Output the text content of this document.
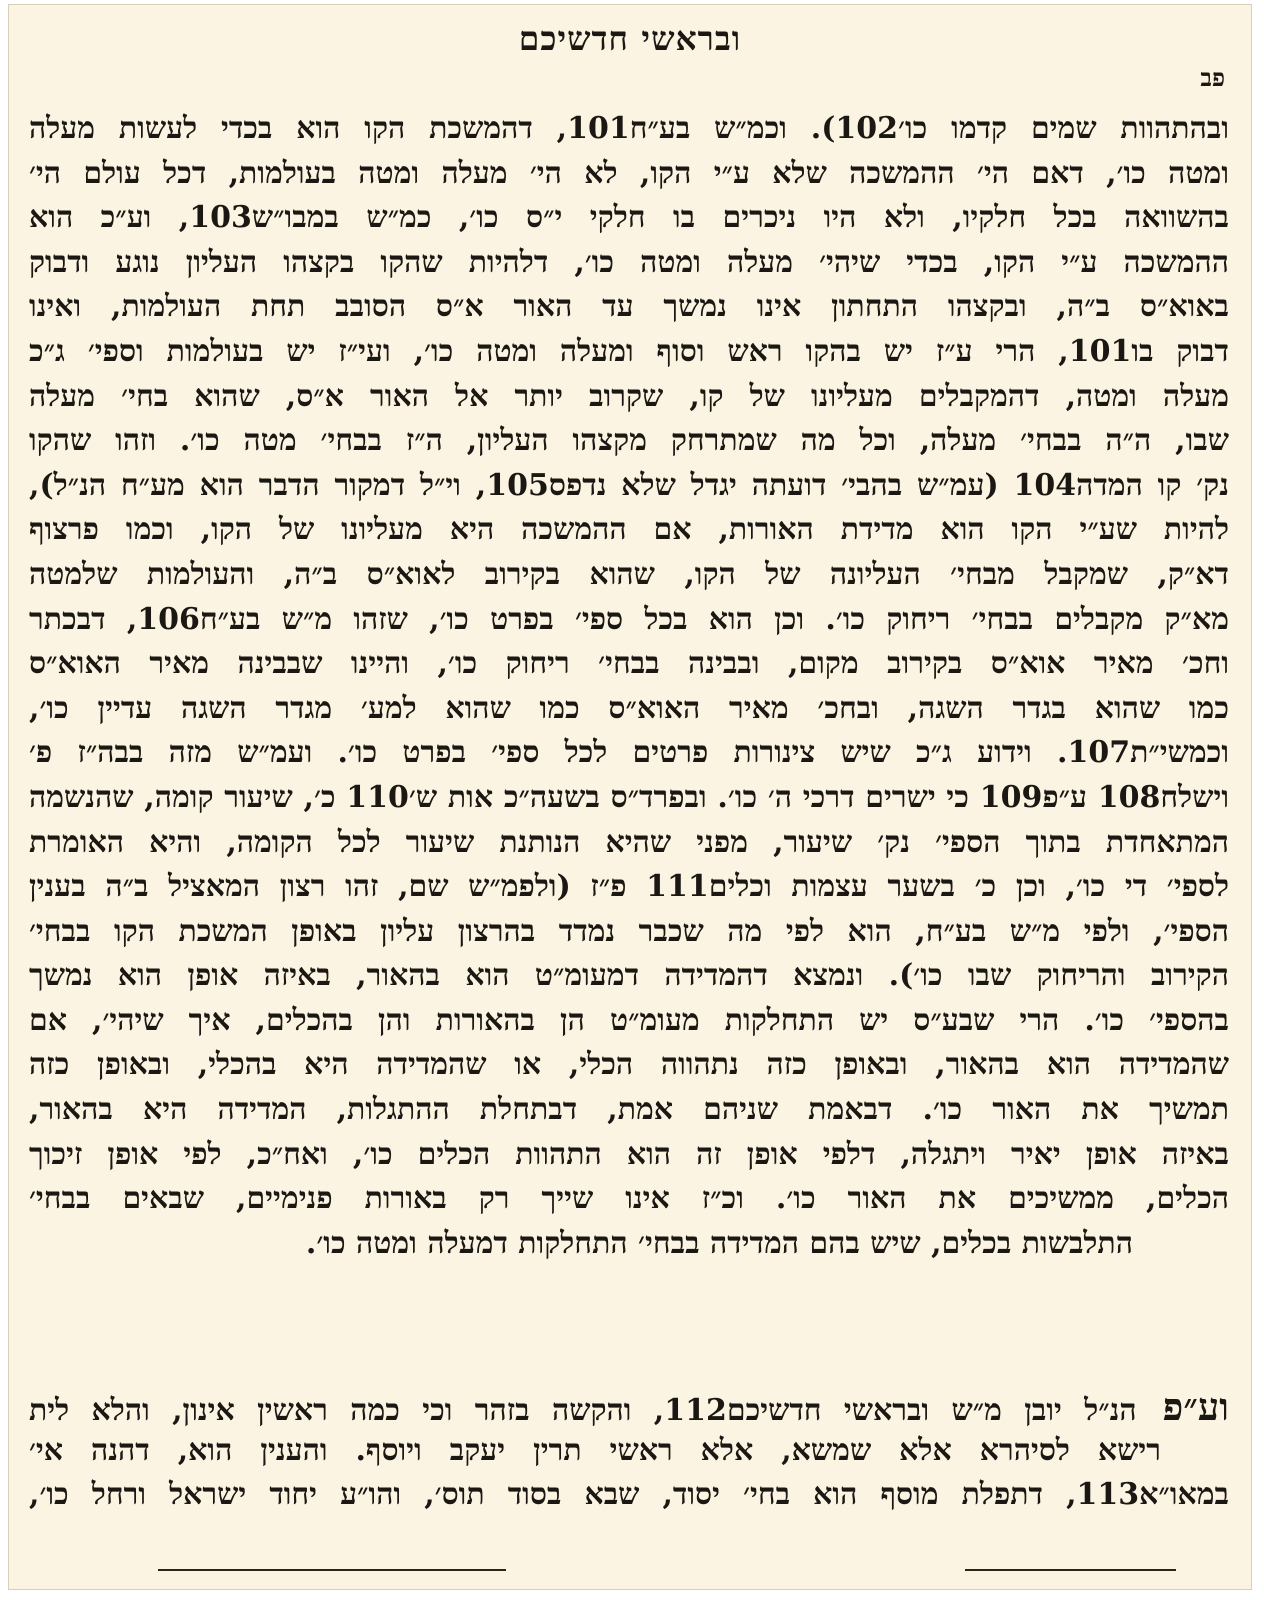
ובראשי חדשיכם
פב
ובהתהוות שמים קדמו כו׳102). וכמ״ש בע״ח101, דהמשכת הקו הוא בכדי לעשות מעלה
ומטה כו׳, דאם הי׳ ההמשכה שלא ע״י הקו, לא הי׳ מעלה ומטה בעולמות, דכל עולם הי׳
בהשוואה בכל חלקיו, ולא היו ניכרים בו חלקי י״ס כו׳, כמ״ש במבו״ש103, וע״כ הוא
ההמשכה ע״י הקו, בכדי שיהי׳ מעלה ומטה כו׳, דלהיות שהקו בקצהו העליון נוגע ודבוק
באוא״ס ב״ה, ובקצהו התחתון אינו נמשך עד האור א״ס הסובב תחת העולמות, ואינו
דבוק בו101, הרי ע״ז יש בהקו ראש וסוף ומעלה ומטה כו׳, ועי״ז יש בעולמות וספי׳ ג״כ
מעלה ומטה, דהמקבלים מעליונו של קו, שקרוב יותר אל האור א״ס, שהוא בחי׳ מעלה
שבו, ה״ה בבחי׳ מעלה, וכל מה שמתרחק מקצהו העליון, ה״ז בבחי׳ מטה כו׳. וזהו שהקו
נק׳ קו המדה104 (עמ״ש בהבי׳ דועתה יגדל שלא נדפס105, וי״ל דמקור הדבר הוא מע״ח הנ״ל),
להיות שע״י הקו הוא מדידת האורות, אם ההמשכה היא מעליונו של הקו, וכמו פרצוף
דא״ק, שמקבל מבחי׳ העליונה של הקו, שהוא בקירוב לאוא״ס ב״ה, והעולמות שלמטה
מא״ק מקבלים בבחי׳ ריחוק כו׳. וכן הוא בכל ספי׳ בפרט כו׳, שזהו מ״ש בע״ח106, דבכתר
וחכ׳ מאיר אוא״ס בקירוב מקום, ובבינה בבחי׳ ריחוק כו׳, והיינו שבבינה מאיר האוא״ס
כמו שהוא בגדר השגה, ובחכ׳ מאיר האוא״ס כמו שהוא למע׳ מגדר השגה עדיין כו׳,
וכמשי״ת107. וידוע ג״כ שיש צינורות פרטים לכל ספי׳ בפרט כו׳. ועמ״ש מזה בבה״ז פ׳
וישלח108 ע״פ109 כי ישרים דרכי ה׳ כו׳. ובפרד״ס בשעה״כ אות ש׳110 כ׳, שיעור קומה, שהנשמה
המתאחדת בתוך הספי׳ נק׳ שיעור, מפני שהיא הנותנת שיעור לכל הקומה, והיא האומרת
לספי׳ די כו׳, וכן כ׳ בשער עצמות וכלים111 פ״ז (ולפמ״ש שם, זהו רצון המאציל ב״ה בענין
הספי׳, ולפי מ״ש בע״ח, הוא לפי מה שכבר נמדד בהרצון עליון באופן המשכת הקו בבחי׳
הקירוב והריחוק שבו כו׳). ונמצא דהמדידה דמעומ״ט הוא בהאור, באיזה אופן הוא נמשך
בהספי׳ כו׳. הרי שבע״ס יש התחלקות מעומ״ט הן בהאורות והן בהכלים, איך שיהי׳, אם
שהמדידה הוא בהאור, ובאופן כזה נתהווה הכלי, או שהמדידה היא בהכלי, ובאופן כזה
תמשיך את האור כו׳. דבאמת שניהם אמת, דבתחלת ההתגלות, המדידה היא בהאור,
באיזה אופן יאיר ויתגלה, דלפי אופן זה הוא התהוות הכלים כו׳, ואח״כ, לפי אופן זיכוך
הכלים, ממשיכים את האור כו׳. וכ״ז אינו שייך רק באורות פנימיים, שבאים בבחי׳
התלבשות בכלים, שיש בהם המדידה בבחי׳ התחלקות דמעלה ומטה כו׳.
וע״פהנ״ל יובן מ״ש ובראשי חדשיכם112, והקשה בזהר וכי כמה ראשין אינון, והלא לית
רישא לסיהרא אלא שמשא, אלא ראשי תרין יעקב ויוסף. והענין הוא, דהנה אי׳
במאו״א113, דתפלת מוסף הוא בחי׳ יסוד, שבא בסוד תוס׳, והו״ע יחוד ישראל ורחל כו׳,
